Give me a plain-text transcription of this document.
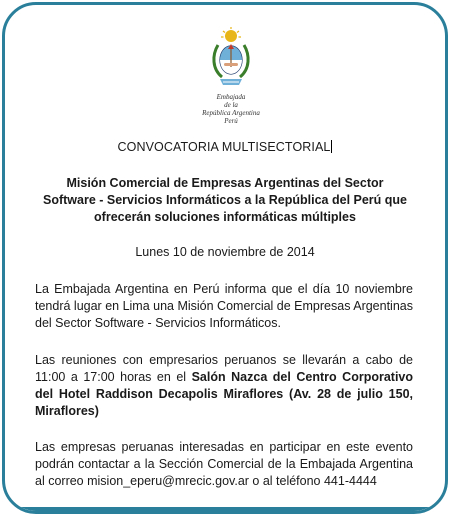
Embajada
de la
República Argentina
Perú
CONVOCATORIA MULTISECTORIAL
Misión Comercial de Empresas Argentinas del Sector Software - Servicios Informáticos a la República del Perú que ofrecerán soluciones informáticas múltiples
Lunes 10 de noviembre de 2014
La Embajada Argentina en Perú informa que el día 10 noviembre tendrá lugar en Lima una Misión Comercial de Empresas Argentinas del Sector Software - Servicios Informáticos.
Las reuniones con empresarios peruanos se llevarán a cabo de 11:00 a 17:00 horas en el Salón Nazca del Centro Corporativo del Hotel Raddison Decapolis Miraflores (Av. 28 de julio 150, Miraflores)
Las empresas peruanas interesadas en participar en este evento podrán contactar a la Sección Comercial de la Embajada Argentina al correo mision_eperu@mrecic.gov.ar o al teléfono 441-4444
